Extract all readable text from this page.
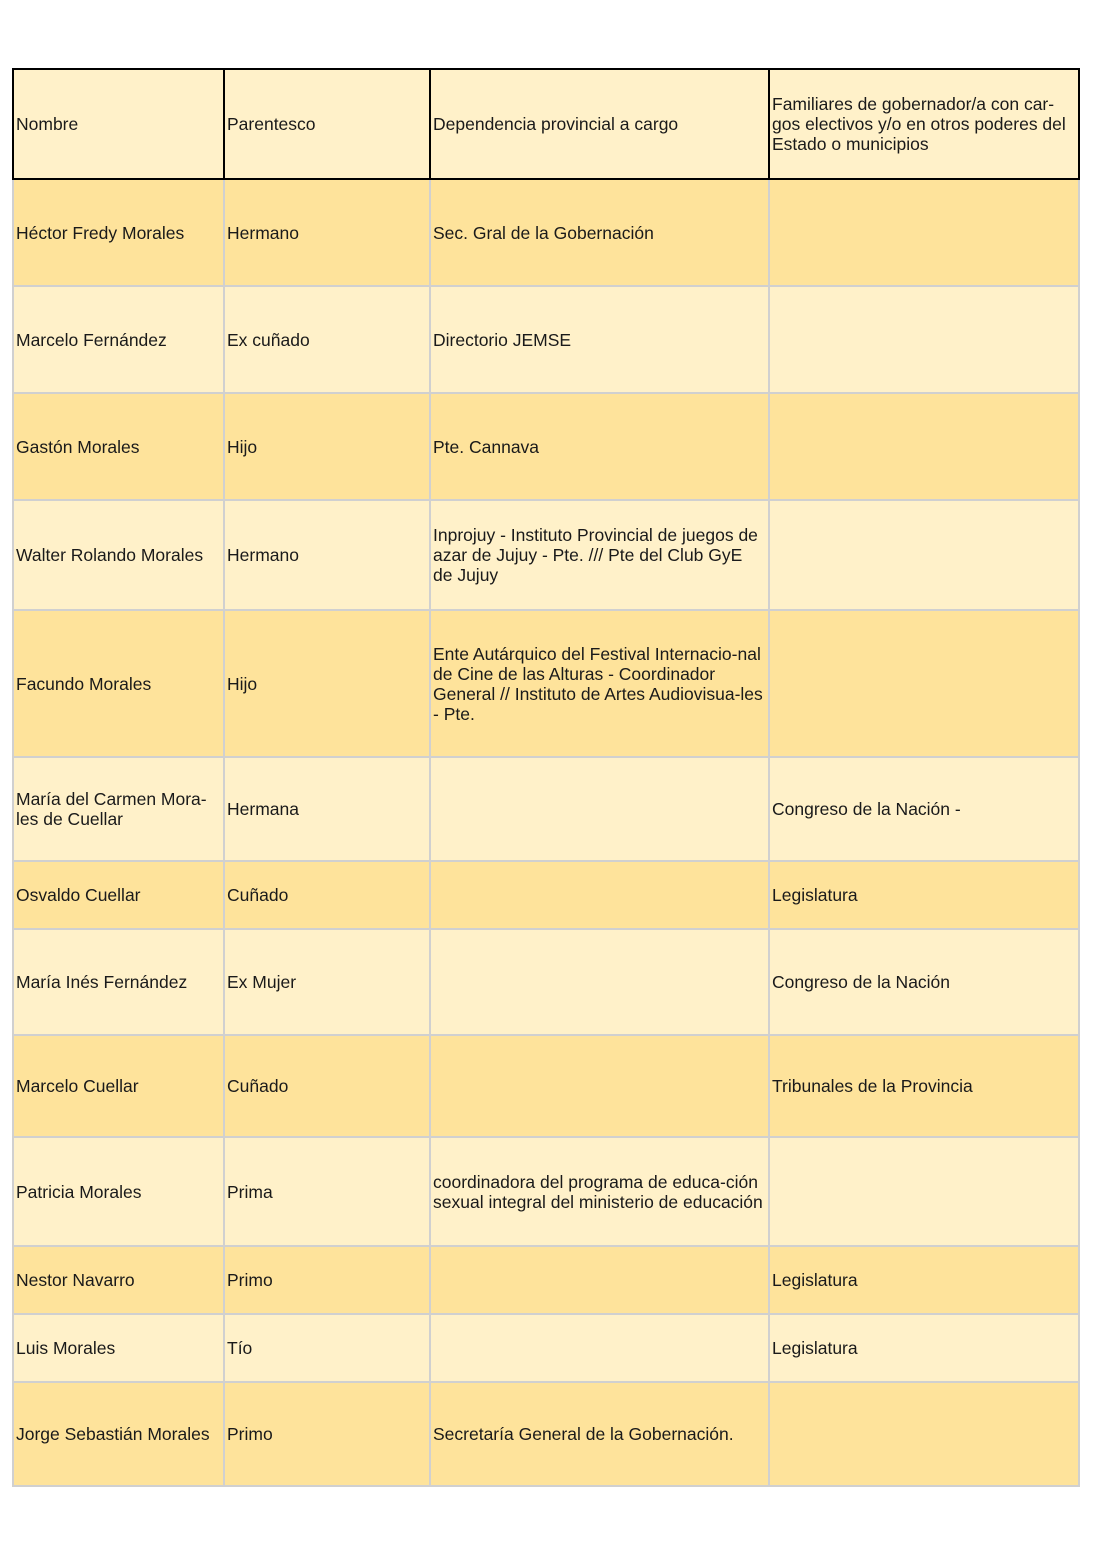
Nombre	Parentesco	Dependencia provincial a cargo	Familiares de gobernador/a con car-gos electivos y/o en otros poderes del Estado o municipios
Héctor Fredy Morales	Hermano	Sec. Gral de la Gobernación	
Marcelo Fernández	Ex cuñado	Directorio JEMSE	
Gastón Morales	Hijo	Pte. Cannava	
Walter Rolando Morales	Hermano	Inprojuy - Instituto Provincial de juegos de azar de Jujuy - Pte. /// Pte del Club GyE de Jujuy	
Facundo Morales	Hijo	Ente Autárquico del Festival Internacio-nal de Cine de las Alturas - Coordinador General // Instituto de Artes Audiovisua-les - Pte.	
María del Carmen Mora-les de Cuellar	Hermana		Congreso de la Nación -
Osvaldo Cuellar	Cuñado		Legislatura
María Inés Fernández	Ex Mujer		Congreso de la Nación
Marcelo Cuellar	Cuñado		Tribunales de la Provincia
Patricia Morales	Prima	coordinadora del programa de educa-ción sexual integral del ministerio de educación	
Nestor Navarro	Primo		Legislatura
Luis Morales	Tío		Legislatura
Jorge Sebastián Morales	Primo	Secretaría General de la Gobernación.	
